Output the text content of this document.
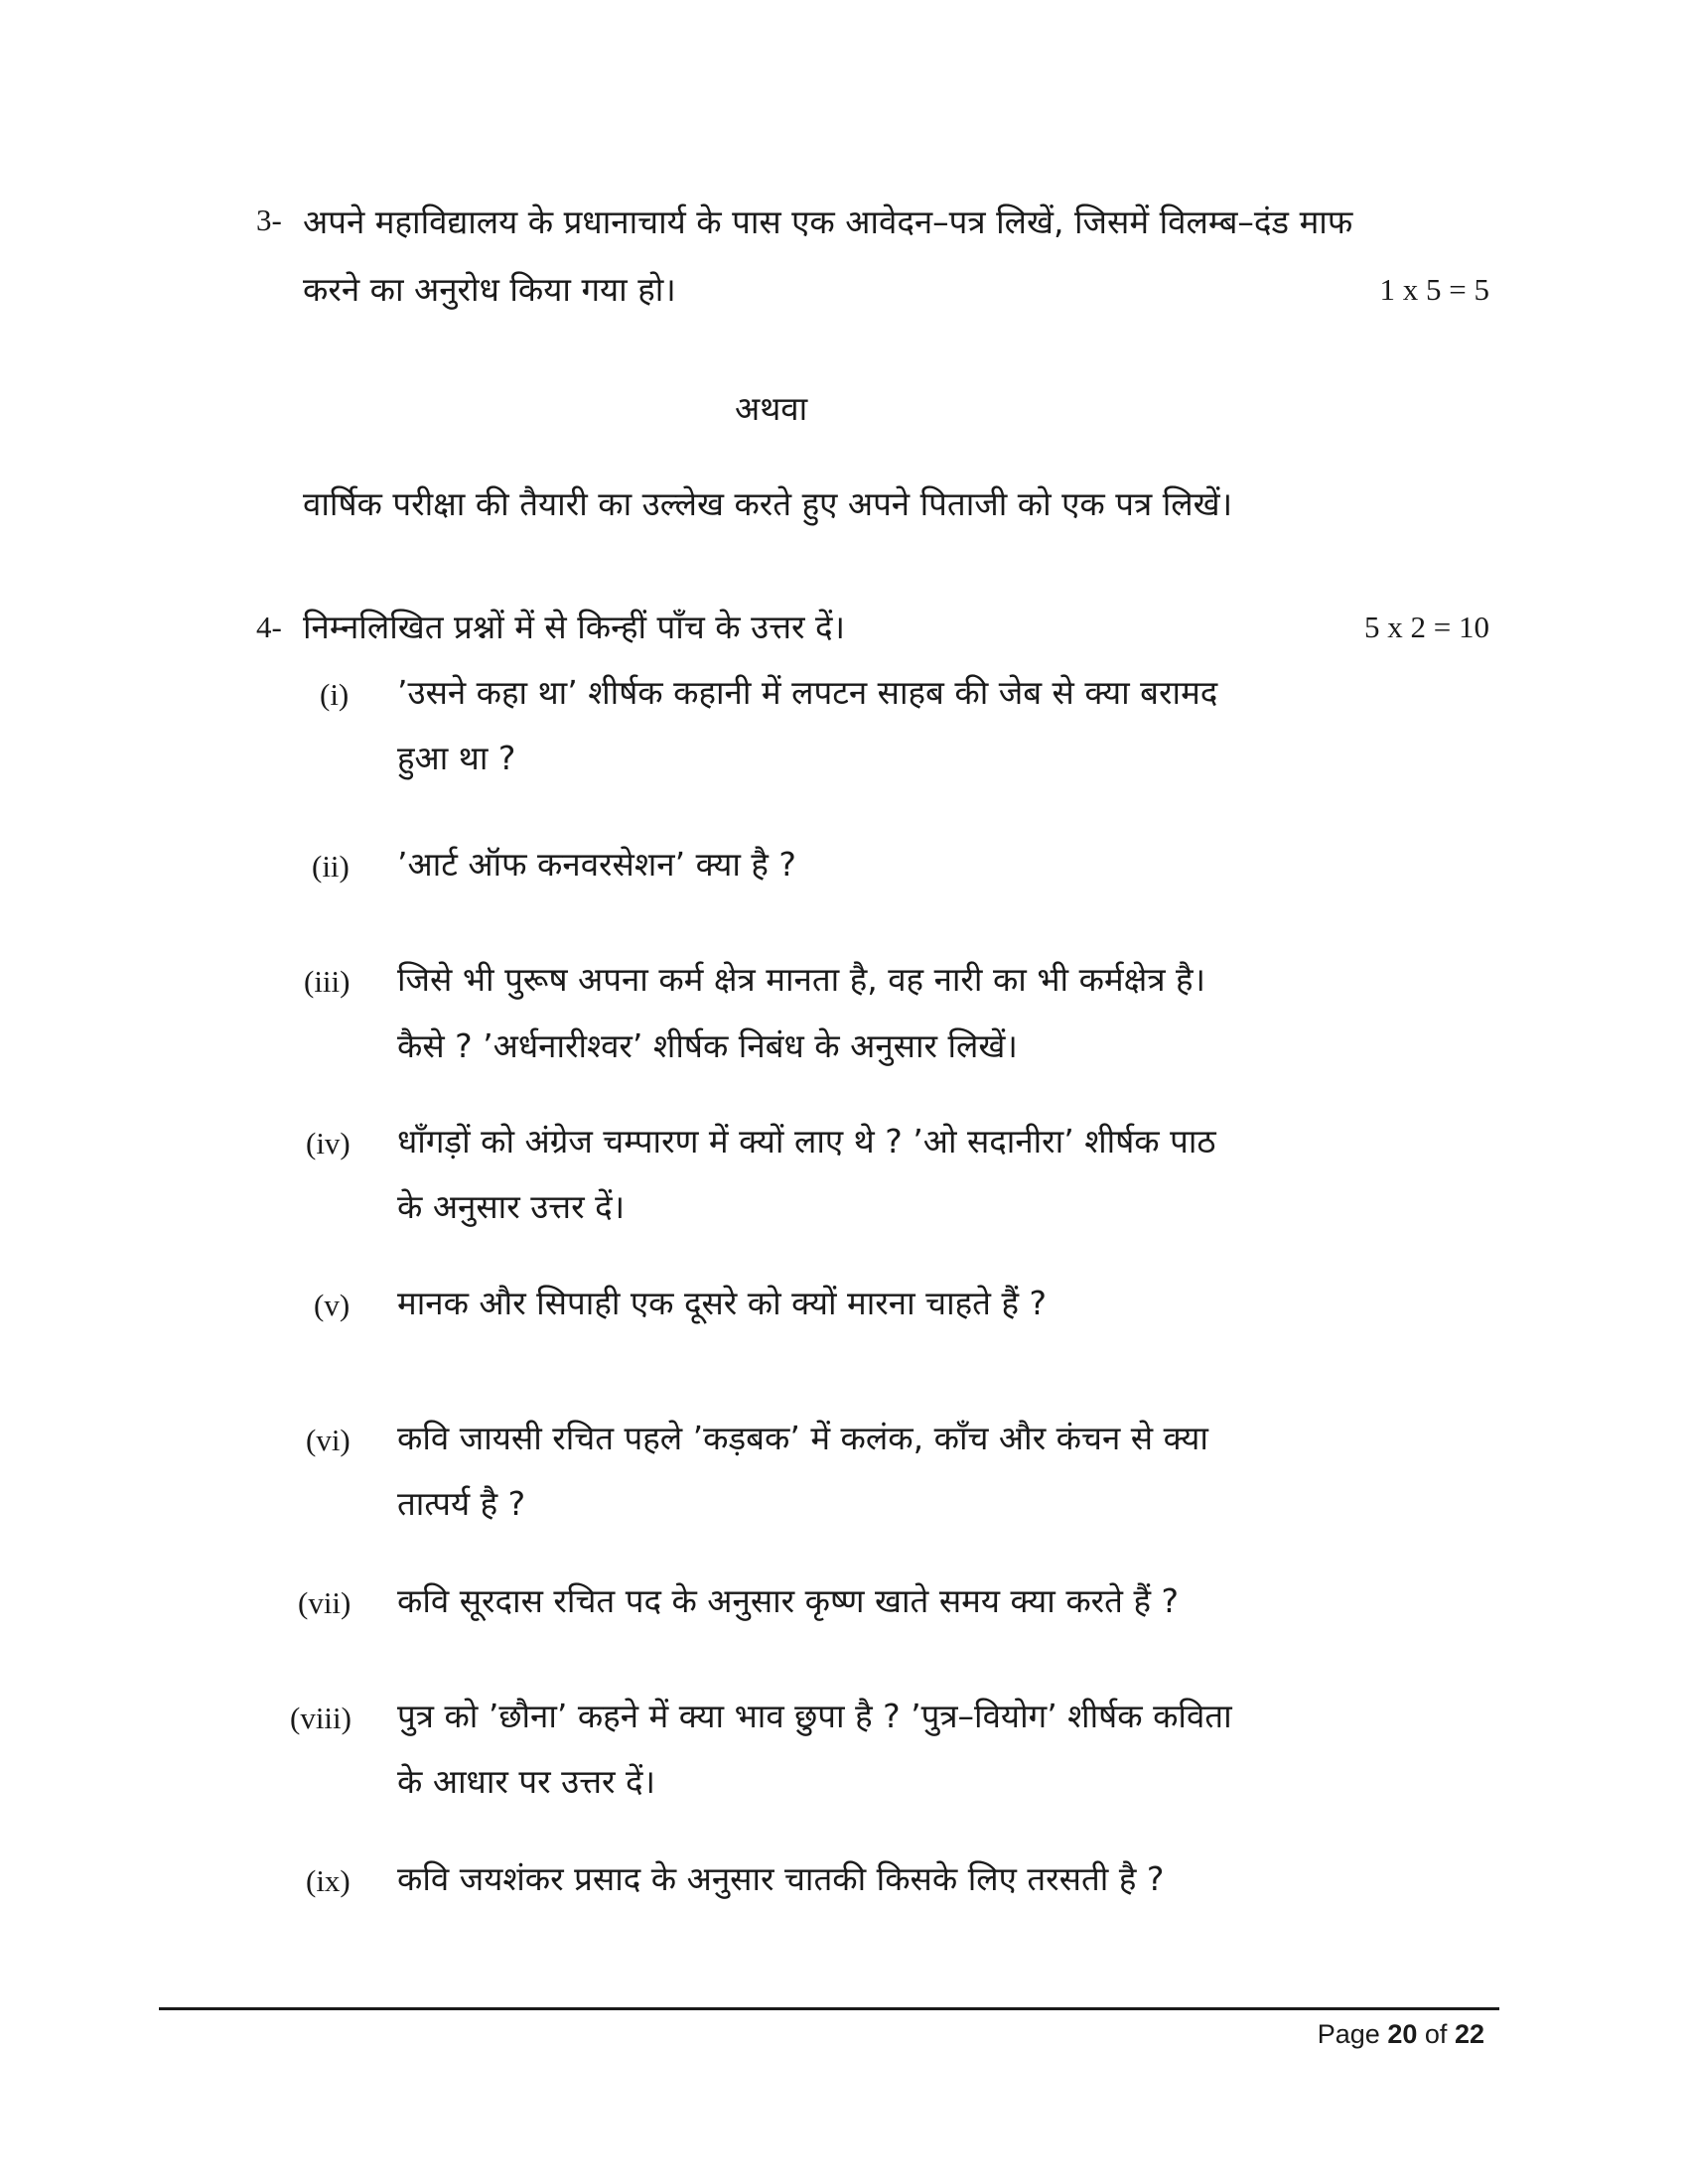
3- अपने महाविद्यालय के प्रधानाचार्य के पास एक आवेदन–पत्र लिखें, जिसमें विलम्ब–दंड माफ
करने का अनुरोध किया गया हो।	1 x 5 = 5
अथवा
वार्षिक परीक्षा की तैयारी का उल्लेख करते हुए अपने पिताजी को एक पत्र लिखें।
4- निम्नलिखित प्रश्नों में से किन्हीं पाँच के उत्तर दें।	5 x 2 = 10
(i) ’उसने कहा था’ शीर्षक कहानी में लपटन साहब की जेब से क्या बरामद
हुआ था ?
(ii) ’आर्ट ऑफ कनवरसेशन’ क्या है ?
(iii) जिसे भी पुरूष अपना कर्म क्षेत्र मानता है, वह नारी का भी कर्मक्षेत्र है।
कैसे ? ’अर्धनारीश्वर’ शीर्षक निबंध के अनुसार लिखें।
(iv) धाँगड़ों को अंग्रेज चम्पारण में क्यों लाए थे ? ’ओ सदानीरा’ शीर्षक पाठ
के अनुसार उत्तर दें।
(v) मानक और सिपाही एक दूसरे को क्यों मारना चाहते हैं ?
(vi) कवि जायसी रचित पहले ’कड़बक’ में कलंक, काँच और कंचन से क्या
तात्पर्य है ?
(vii) कवि सूरदास रचित पद के अनुसार कृष्ण खाते समय क्या करते हैं ?
(viii) पुत्र को ’छौना’ कहने में क्या भाव छुपा है ? ’पुत्र–वियोग’ शीर्षक कविता
के आधार पर उत्तर दें।
(ix) कवि जयशंकर प्रसाद के अनुसार चातकी किसके लिए तरसती है ?
Page 20 of 22
